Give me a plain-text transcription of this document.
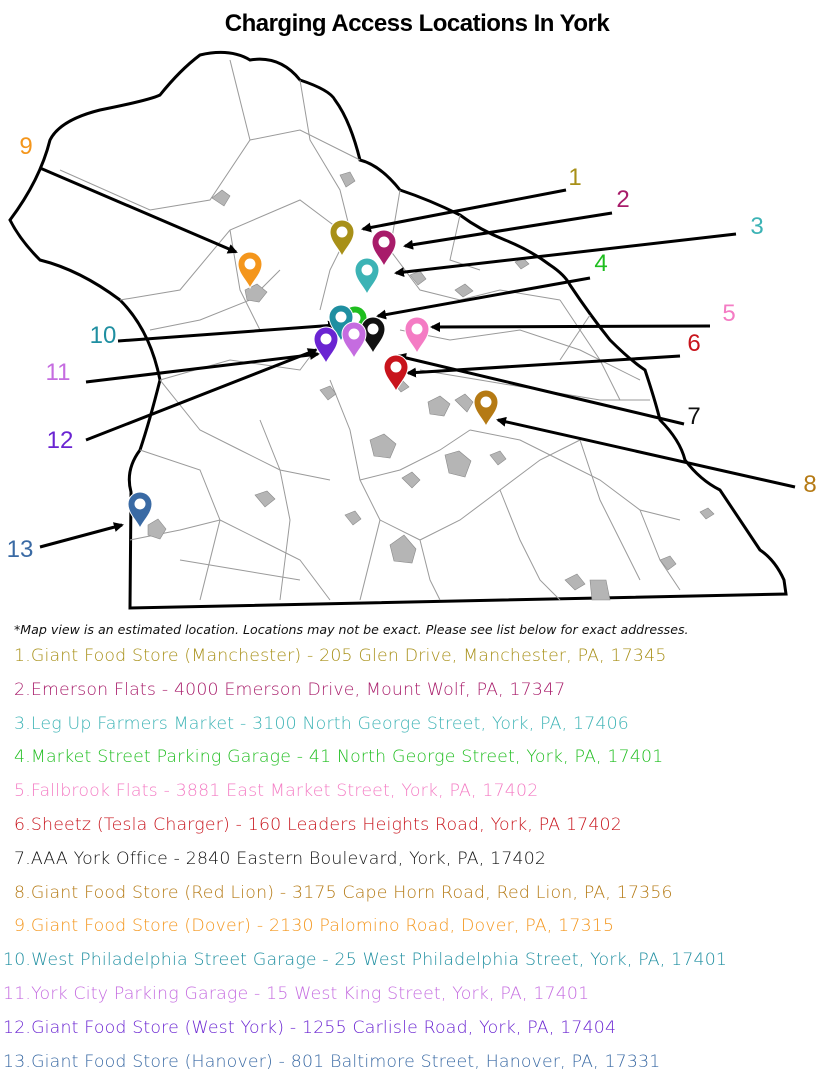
Charging Access Locations In York
1
2
3
4
5
6
7
8
9
10
11
12
13
*Map view is an estimated location. Locations may not be exact. Please see list below for exact addresses.
1.Giant Food Store (Manchester) - 205 Glen Drive, Manchester, PA, 17345
2.Emerson Flats - 4000 Emerson Drive, Mount Wolf, PA, 17347
3.Leg Up Farmers Market - 3100 North George Street, York, PA, 17406
4.Market Street Parking Garage - 41 North George Street, York, PA, 17401
5.Fallbrook Flats - 3881 East Market Street, York, PA, 17402
6.Sheetz (Tesla Charger) - 160 Leaders Heights Road, York, PA 17402
7.AAA York Office - 2840 Eastern Boulevard, York, PA, 17402
8.Giant Food Store (Red Lion) - 3175 Cape Horn Road, Red Lion, PA, 17356
9.Giant Food Store (Dover) - 2130 Palomino Road, Dover, PA, 17315
10.West Philadelphia Street Garage - 25 West Philadelphia Street, York, PA, 17401
11.York City Parking Garage - 15 West King Street, York, PA, 17401
12.Giant Food Store (West York) - 1255 Carlisle Road, York, PA, 17404
13.Giant Food Store (Hanover) - 801 Baltimore Street, Hanover, PA, 17331
